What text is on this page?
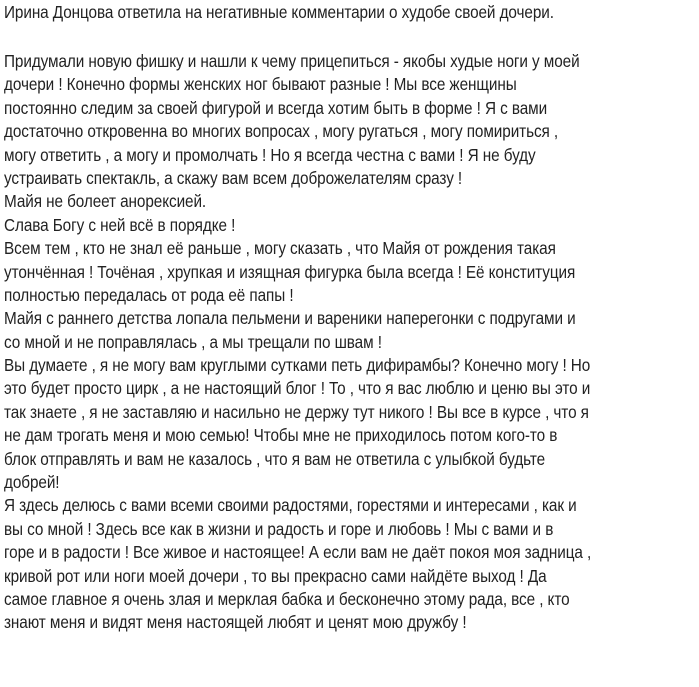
Ирина Донцова ответила на негативные комментарии о худобе своей дочери.
Придумали новую фишку и нашли к чему прицепиться - якобы худые ноги у моей
дочери ! Конечно формы женских ног бывают разные ! Мы все женщины
постоянно следим за своей фигурой и всегда хотим быть в форме ! Я с вами
достаточно откровенна во многих вопросах , могу ругаться , могу помириться ,
могу ответить , а могу и промолчать ! Но я всегда честна с вами ! Я не буду
устраивать спектакль, а скажу вам всем доброжелателям сразу !
Майя не болеет анорексией.
Слава Богу с ней всё в порядке !
Всем тем , кто не знал её раньше , могу сказать , что Майя от рождения такая
утончённая ! Точёная , хрупкая и изящная фигурка была всегда ! Её конституция
полностью передалась от рода её папы !
Майя с раннего детства лопала пельмени и вареники наперегонки с подругами и
со мной и не поправлялась , а мы трещали по швам !
Вы думаете , я не могу вам круглыми сутками петь дифирамбы? Конечно могу ! Но
это будет просто цирк , а не настоящий блог ! То , что я вас люблю и ценю вы это и
так знаете , я не заставляю и насильно не держу тут никого ! Вы все в курсе , что я
не дам трогать меня и мою семью! Чтобы мне не приходилось потом кого-то в
блок отправлять и вам не казалось , что я вам не ответила с улыбкой будьте
добрей!
Я здесь делюсь с вами всеми своими радостями, горестями и интересами , как и
вы со мной ! Здесь все как в жизни и радость и горе и любовь ! Мы с вами и в
горе и в радости ! Все живое и настоящее! А если вам не даёт покоя моя задница ,
кривой рот или ноги моей дочери , то вы прекрасно сами найдёте выход ! Да
самое главное я очень злая и мерклая бабка и бесконечно этому рада, все , кто
знают меня и видят меня настоящей любят и ценят мою дружбу !
